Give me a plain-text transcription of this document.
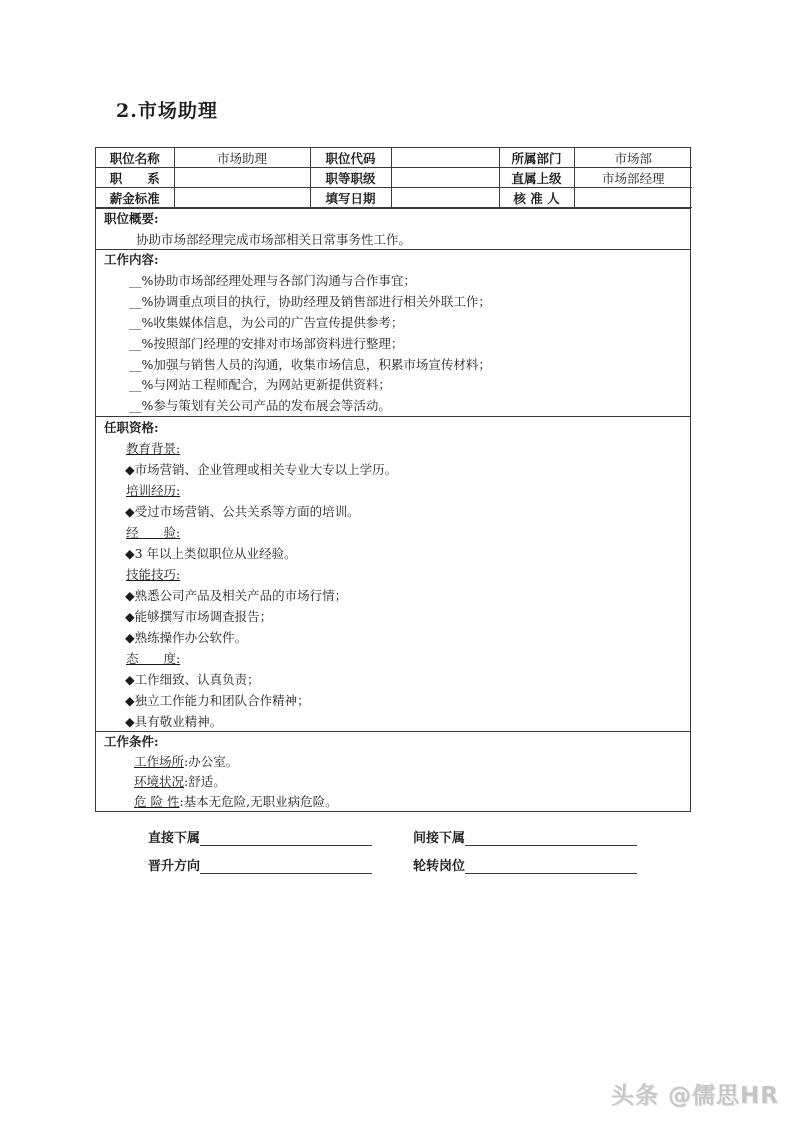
2.市场助理
职位名称	市场助理	职位代码		所属部门	市场部
职　　系		职等职级		直属上级	市场部经理
薪金标准		填写日期		核 准 人	
职位概要:
协助市场部经理完成市场部相关日常事务性工作。
工作内容:
__%协助市场部经理处理与各部门沟通与合作事宜；
__%协调重点项目的执行，协助经理及销售部进行相关外联工作；
__%收集媒体信息，为公司的广告宣传提供参考；
__%按照部门经理的安排对市场部资料进行整理；
__%加强与销售人员的沟通，收集市场信息，积累市场宣传材料；
__%与网站工程师配合，为网站更新提供资料；
__%参与策划有关公司产品的发布展会等活动。
任职资格:
教育背景:
◆市场营销、企业管理或相关专业大专以上学历。
培训经历:
◆受过市场营销、公共关系等方面的培训。
经　　验:
◆3 年以上类似职位从业经验。
技能技巧:
◆熟悉公司产品及相关产品的市场行情；
◆能够撰写市场调查报告；
◆熟练操作办公软件。
态　　度:
◆工作细致、认真负责；
◆独立工作能力和团队合作精神；
◆具有敬业精神。
工作条件:
工作场所:办公室。
环境状况:舒适。
危 险 性:基本无危险,无职业病危险。
直接下属	间接下属
晋升方向	轮转岗位
头条 @儒思HR
